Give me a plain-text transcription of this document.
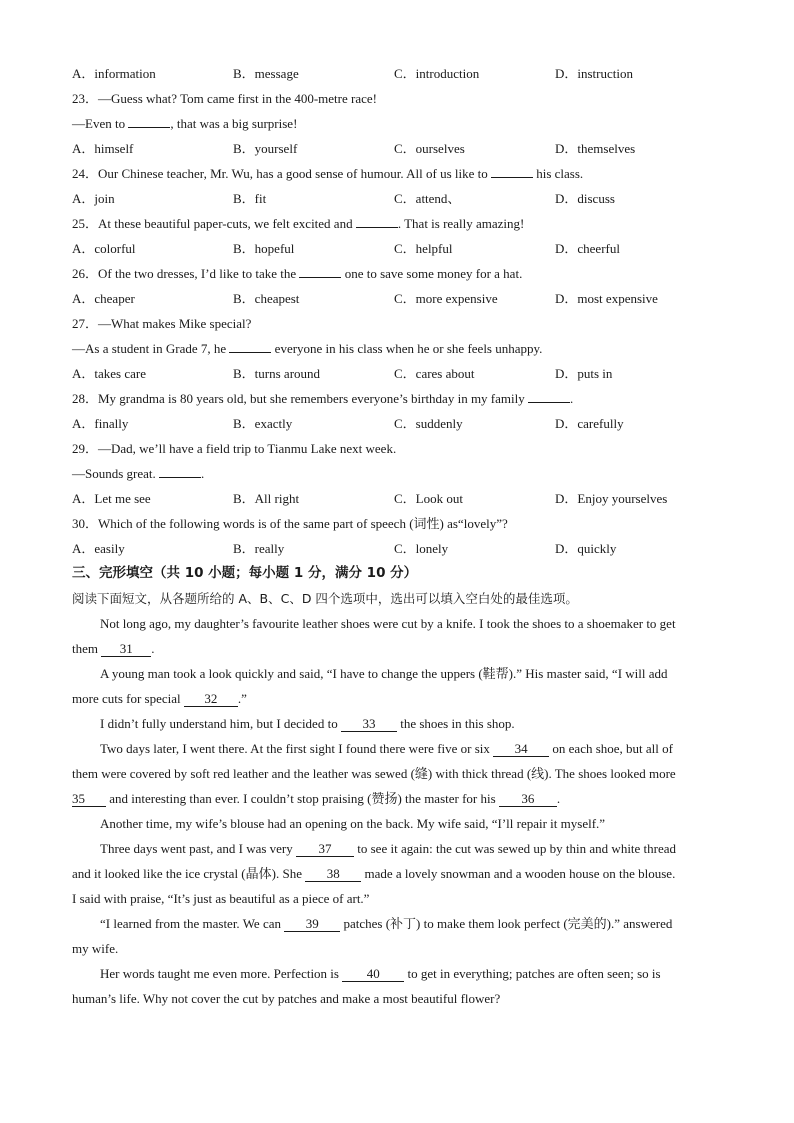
A．information	B．message	C．introduction	D．instruction
23．—Guess what? Tom came first in the 400-metre race!
—Even to	, that was a big surprise!
A．himself	B．yourself	C．ourselves	D．themselves
24．Our Chinese teacher, Mr. Wu, has a good sense of humour. All of us like to	his class.
A．join	B．fit	C．attend、	D．discuss
25．At these beautiful paper-cuts, we felt excited and	. That is really amazing!
A．colorful	B．hopeful	C．helpful	D．cheerful
26．Of the two dresses, I’d like to take the	one to save some money for a hat.
A．cheaper	B．cheapest	C．more expensive	D．most expensive
27．—What makes Mike special?
—As a student in Grade 7, he	everyone in his class when he or she feels unhappy.
A．takes care	B．turns around	C．cares about	D．puts in
28．My grandma is 80 years old, but she remembers everyone’s birthday in my family	.
A．finally	B．exactly	C．suddenly	D．carefully
29．—Dad, we’ll have a field trip to Tianmu Lake next week.
—Sounds great.	.
A．Let me see	B．All right	C．Look out	D．Enjoy yourselves
30．Which of the following words is of the same part of speech (词性) as“lovely”?
A．easily	B．really	C．lonely	D．quickly
三、完形填空（共 10 小题；每小题 1 分，满分 10 分）
阅读下面短文，从各题所给的 A、B、C、D 四个选项中，选出可以填入空白处的最佳选项。
Not long ago, my daughter’s favourite leather shoes were cut by a knife. I took the shoes to a shoemaker to get
them 31 .
A young man took a look quickly and said, “I have to change the uppers (鞋帮).” His master said, “I will add
more cuts for special 32 .”
I didn’t fully understand him, but I decided to 33 the shoes in this shop.
Two days later, I went there. At the first sight I found there were five or six 34 on each shoe, but all of
them were covered by soft red leather and the leather was sewed (缝) with thick thread (线). The shoes looked more
35 and interesting than ever. I couldn’t stop praising (赞扬) the master for his 36 .
Another time, my wife’s blouse had an opening on the back. My wife said, “I’ll repair it myself.”
Three days went past, and I was very 37 to see it again: the cut was sewed up by thin and white thread
and it looked like the ice crystal (晶体). She 38 made a lovely snowman and a wooden house on the blouse.
I said with praise, “It’s just as beautiful as a piece of art.”
“I learned from the master. We can 39 patches (补丁) to make them look perfect (完美的).” answered
my wife.
Her words taught me even more. Perfection is 40 to get in everything; patches are often seen; so is
human’s life. Why not cover the cut by patches and make a most beautiful flower?
